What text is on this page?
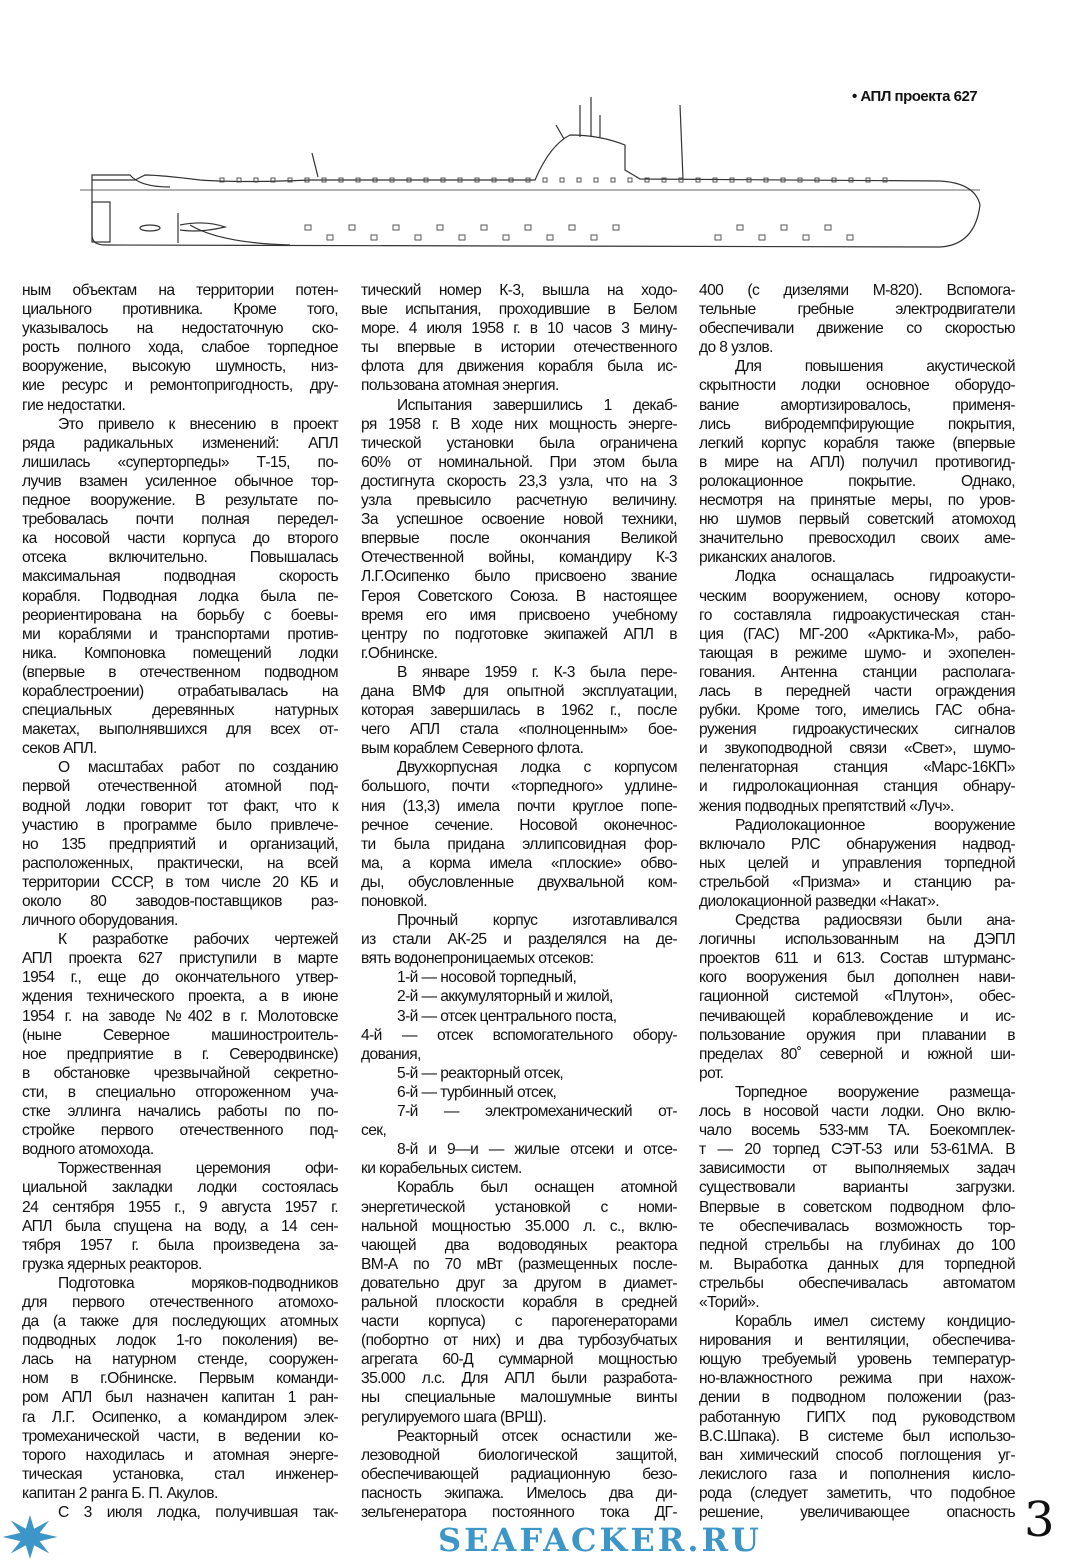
• АПЛ проекта 627
ным объектам на территории потен-
циального противника. Кроме того,
указывалось на недостаточную ско-
рость полного хода, слабое торпедное
вооружение, высокую шумность, низ-
кие ресурс и ремонтопригодность, дру-
гие недостатки.
Это привело к внесению в проект
ряда радикальных изменений: АПЛ
лишилась «суперторпеды» Т-15, по-
лучив взамен усиленное обычное тор-
педное вооружение. В результате по-
требовалась почти полная передел-
ка носовой части корпуса до второго
отсека включительно. Повышалась
максимальная подводная скорость
корабля. Подводная лодка была пе-
реориентирована на борьбу с боевы-
ми кораблями и транспортами против-
ника. Компоновка помещений лодки
(впервые в отечественном подводном
кораблестроении) отрабатывалась на
специальных деревянных натурных
макетах, выполнявшихся для всех от-
секов АПЛ.
О масштабах работ по созданию
первой отечественной атомной под-
водной лодки говорит тот факт, что к
участию в программе было привлече-
но 135 предприятий и организаций,
расположенных, практически, на всей
территории СССР, в том числе 20 КБ и
около 80 заводов-поставщиков раз-
личного оборудования.
К разработке рабочих чертежей
АПЛ проекта 627 приступили в марте
1954 г., еще до окончательного утвер-
ждения технического проекта, а в июне
1954 г. на заводе №402 в г. Молотовске
(ныне Северное машиностроитель-
ное предприятие в г. Северодвинске)
в обстановке чрезвычайной секретно-
сти, в специально отгороженном уча-
стке эллинга начались работы по по-
стройке первого отечественного под-
водного атомохода.
Торжественная церемония офи-
циальной закладки лодки состоялась
24 сентября 1955 г., 9 августа 1957 г.
АПЛ была спущена на воду, а 14 сен-
тября 1957 г. была произведена за-
грузка ядерных реакторов.
Подготовка моряков-подводников
для первого отечественного атомохо-
да (а также для последующих атомных
подводных лодок 1-го поколения) ве-
лась на натурном стенде, сооружен-
ном в г.Обнинске. Первым команди-
ром АПЛ был назначен капитан 1 ран-
га Л.Г. Осипенко, а командиром элек-
тромеханической части, в ведении ко-
торого находилась и атомная энерге-
тическая установка, стал инженер-
капитан 2 ранга Б. П. Акулов.
С 3 июля лодка, получившая так-
тический номер К-3, вышла на ходо-
вые испытания, проходившие в Белом
море. 4 июля 1958 г. в 10 часов 3 мину-
ты впервые в истории отечественного
флота для движения корабля была ис-
пользована атомная энергия.
Испытания завершились 1 декаб-
ря 1958 г. В ходе них мощность энерге-
тической установки была ограничена
60% от номинальной. При этом была
достигнута скорость 23,3 узла, что на 3
узла превысило расчетную величину.
За успешное освоение новой техники,
впервые после окончания Великой
Отечественной войны, командиру К-3
Л.Г.Осипенко было присвоено звание
Героя Советского Союза. В настоящее
время его имя присвоено учебному
центру по подготовке экипажей АПЛ в
г.Обнинске.
В январе 1959 г. К-3 была пере-
дана ВМФ для опытной эксплуатации,
которая завершилась в 1962 г., после
чего АПЛ стала «полноценным» бое-
вым кораблем Северного флота.
Двухкорпусная лодка с корпусом
большого, почти «торпедного» удлине-
ния (13,3) имела почти круглое попе-
речное сечение. Носовой оконечнос-
ти была придана эллипсовидная фор-
ма, а корма имела «плоские» обво-
ды, обусловленные двухвальной ком-
поновкой.
Прочный корпус изготавливался
из стали АК-25 и разделялся на де-
вять водонепроницаемых отсеков:
1-й — носовой торпедный,
2-й — аккумуляторный и жилой,
3-й — отсек центрального поста,
4-й — отсек вспомогательного обору-
дования,
5-й — реакторный отсек,
6-й — турбинный отсек,
7-й — электромеханический от-
сек,
8-й и 9—и — жилые отсеки и отсе-
ки корабельных систем.
Корабль был оснащен атомной
энергетической установкой с номи-
нальной мощностью 35.000 л. с., вклю-
чающей два водоводяных реактора
ВМ-А по 70 мВт (размещенных после-
довательно друг за другом в диамет-
ральной плоскости корабля в средней
части корпуса) с парогенераторами
(побортно от них) и два турбозубчатых
агрегата 60-Д суммарной мощностью
35.000 л.с. Для АПЛ были разработа-
ны специальные малошумные винты
регулируемого шага (ВРШ).
Реакторный отсек оснастили же-
лезоводной биологической защитой,
обеспечивающей радиационную безо-
пасность экипажа. Имелось два ди-
зельгенератора постоянного тока ДГ-
400 (с дизелями М-820). Вспомога-
тельные гребные электродвигатели
обеспечивали движение со скоростью
до 8 узлов.
Для повышения акустической
скрытности лодки основное оборудо-
вание амортизировалось, применя-
лись вибродемпфирующие покрытия,
легкий корпус корабля также (впервые
в мире на АПЛ) получил противогид-
ролокационное покрытие. Однако,
несмотря на принятые меры, по уров-
ню шумов первый советский атомоход
значительно превосходил своих аме-
риканских аналогов.
Лодка оснащалась гидроакусти-
ческим вооружением, основу которо-
го составляла гидроакустическая стан-
ция (ГАС) МГ-200 «Арктика-М», рабо-
тающая в режиме шумо- и эхопелен-
гования. Антенна станции располага-
лась в передней части ограждения
рубки. Кроме того, имелись ГАС обна-
ружения гидроакустических сигналов
и звукоподводной связи «Свет», шумо-
пеленгаторная станция «Марс-16КП»
и гидролокационная станция обнару-
жения подводных препятствий «Луч».
Радиолокационное вооружение
включало РЛС обнаружения надвод-
ных целей и управления торпедной
стрельбой «Призма» и станцию ра-
диолокационной разведки «Накат».
Средства радиосвязи были ана-
логичны использованным на ДЭПЛ
проектов 611 и 613. Состав штурманс-
кого вооружения был дополнен нави-
гационной системой «Плутон», обес-
печивающей кораблевождение и ис-
пользование оружия при плавании в
пределах 80˚ северной и южной ши-
рот.
Торпедное вооружение размеща-
лось в носовой части лодки. Оно вклю-
чало восемь 533-мм ТА. Боекомплек-
т — 20 торпед СЭТ-53 или 53-61МА. В
зависимости от выполняемых задач
существовали варианты загрузки.
Впервые в советском подводном фло-
те обеспечивалась возможность тор-
педной стрельбы на глубинах до 100
м. Выработка данных для торпедной
стрельбы обеспечивалась автоматом
«Торий».
Корабль имел систему кондицио-
нирования и вентиляции, обеспечива-
ющую требуемый уровень температур-
но-влажностного режима при нахож-
дении в подводном положении (раз-
работанную ГИПХ под руководством
В.С.Шпака). В системе был использо-
ван химический способ поглощения уг-
лекислого газа и пополнения кисло-
рода (следует заметить, что подобное
решение, увеличивающее опасность
SEAFACKER.RU	3
